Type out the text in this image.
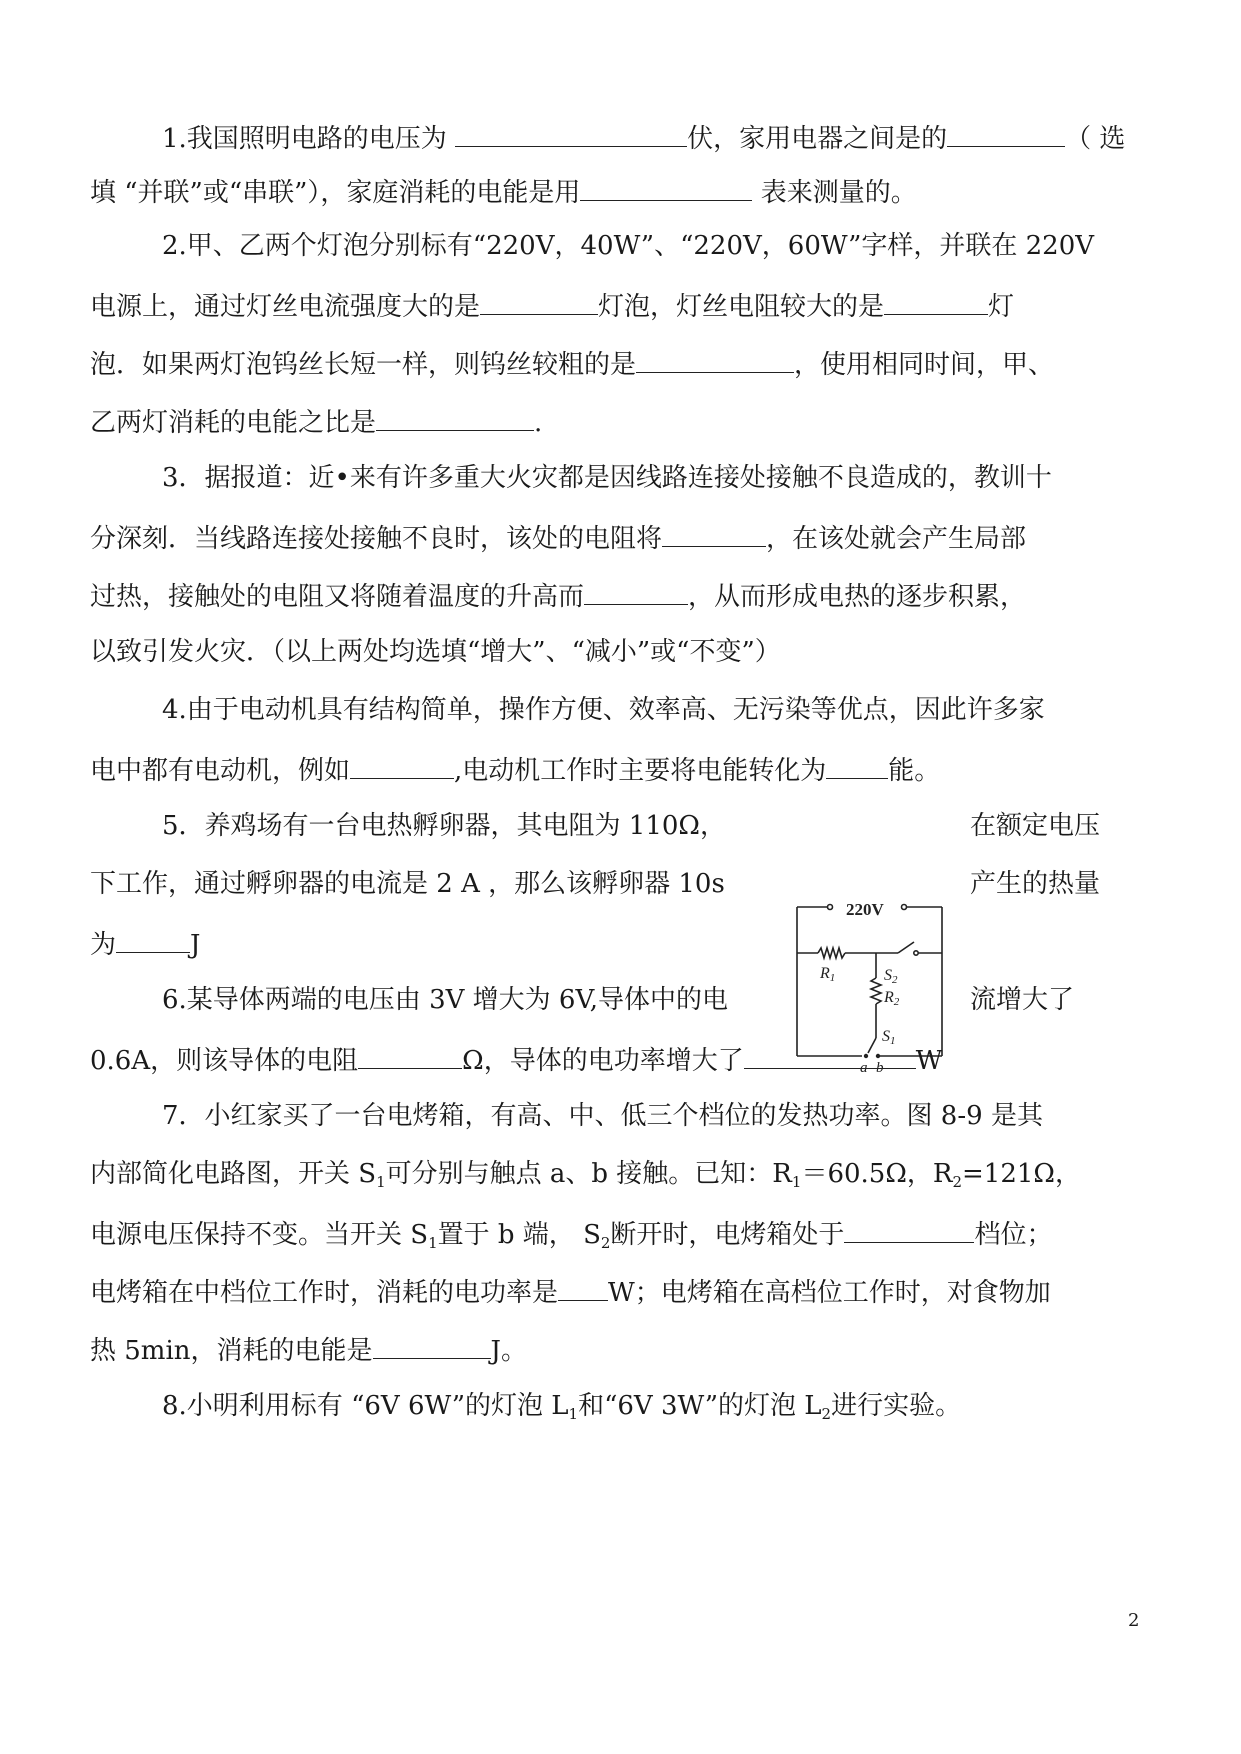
1.我国照明电路的电压为	伏，家用电器之间是的	（ 选
填 “并联”或“串联”），家庭消耗的电能是用	表来测量的。
2.甲、乙两个灯泡分别标有“220V，40W”、“220V，60W”字样，并联在 220V
电源上，通过灯丝电流强度大的是	灯泡，灯丝电阻较大的是	灯
泡．如果两灯泡钨丝长短一样，则钨丝较粗的是	，使用相同时间，甲、
乙两灯消耗的电能之比是	.
3．据报道：近•来有许多重大火灾都是因线路连接处接触不良造成的，教训十
分深刻．当线路连接处接触不良时，该处的电阻将	，在该处就会产生局部
过热，接触处的电阻又将随着温度的升高而	，从而形成电热的逐步积累，
以致引发火灾．（以上两处均选填“增大”、“减小”或“不变”）
4.由于电动机具有结构简单，操作方便、效率高、无污染等优点，因此许多家
电中都有电动机，例如	,电动机工作时主要将电能转化为 能。
5．养鸡场有一台电热孵卵器，其电阻为 110Ω，	在额定电压
下工作，通过孵卵器的电流是 2 A ，那么该孵卵器 10s	产生的热量
为	J
220V
R1	S2
R2
S1
a b
6.某导体两端的电压由 3V 增大为 6V,导体中的电	流增大了
0.6A，则该导体的电阻	Ω，导体的电功率增大了	W
7．小红家买了一台电烤箱，有高、中、低三个档位的发热功率。图 8-9 是其
内部简化电路图，开关 $S_1$可分别与触点 a、b 接触。已知：$R_1=60.5\Omega$，$R_2=121\Omega$，
电源电压保持不变。当开关 $S_1$置于 b 端， $S_2$断开时，电烤箱处于	档位；
电烤箱在中档位工作时，消耗的电功率是 W；电烤箱在高档位工作时，对食物加
热 5min，消耗的电能是	J。
8.小明利用标有 “6V 6W”的灯泡 $L_1$和“6V 3W”的灯泡 $L_2$进行实验。
2
